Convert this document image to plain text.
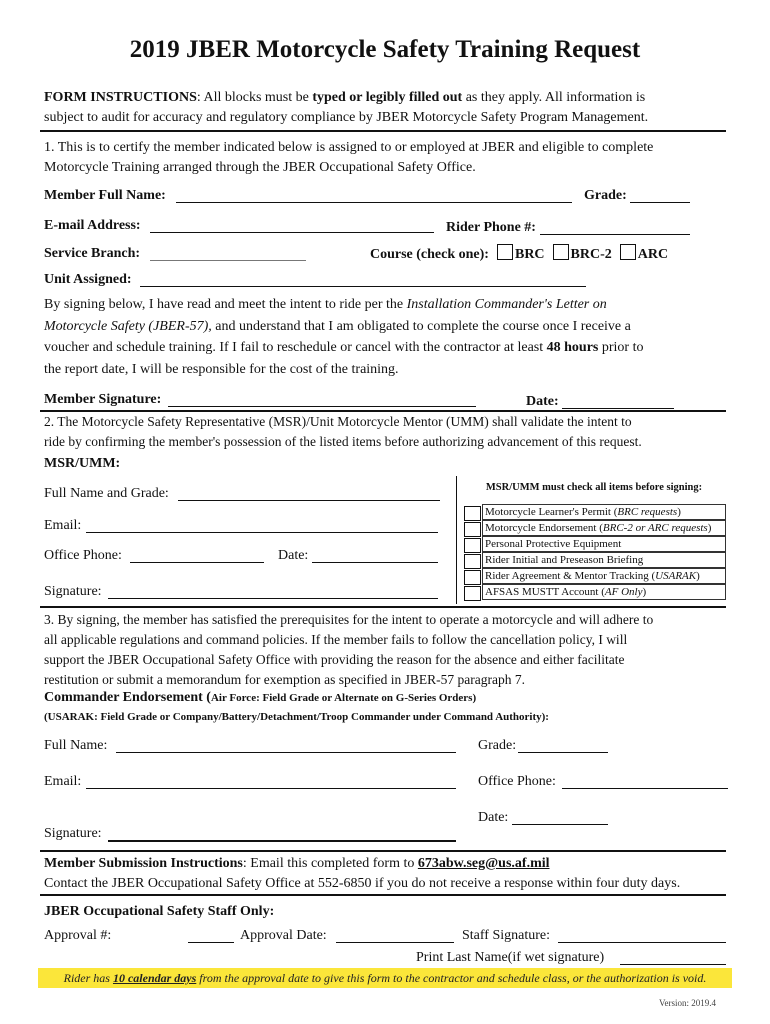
2019 JBER Motorcycle Safety Training Request
FORM INSTRUCTIONS: All blocks must be typed or legibly filled out as they apply. All information is
subject to audit for accuracy and regulatory compliance by JBER Motorcycle Safety Program Management.
1. This is to certify the member indicated below is assigned to or employed at JBER and eligible to complete
Motorcycle Training arranged through the JBER Occupational Safety Office.
Member Full Name:	Grade:
E-mail Address:	Rider Phone #:
Service Branch:	Course (check one): BRC BRC-2 ARC
Unit Assigned:
By signing below, I have read and meet the intent to ride per the Installation Commander's Letter on
Motorcycle Safety (JBER-57), and understand that I am obligated to complete the course once I receive a
voucher and schedule training. If I fail to reschedule or cancel with the contractor at least 48 hours prior to
the report date, I will be responsible for the cost of the training.
Member Signature:	Date:
2. The Motorcycle Safety Representative (MSR)/Unit Motorcycle Mentor (UMM) shall validate the intent to
ride by confirming the member's possession of the listed items before authorizing advancement of this request.
MSR/UMM:
Full Name and Grade:
Email:
Office Phone:	Date:
Signature:
MSR/UMM must check all items before signing:
Motorcycle Learner's Permit (BRC requests)
Motorcycle Endorsement (BRC-2 or ARC requests)
Personal Protective Equipment
Rider Initial and Preseason Briefing
Rider Agreement & Mentor Tracking (USARAK)
AFSAS MUSTT Account (AF Only)
3. By signing, the member has satisfied the prerequisites for the intent to operate a motorcycle and will adhere to
all applicable regulations and command policies. If the member fails to follow the cancellation policy, I will
support the JBER Occupational Safety Office with providing the reason for the absence and either facilitate
restitution or submit a memorandum for exemption as specified in JBER-57 paragraph 7.
Commander Endorsement (Air Force: Field Grade or Alternate on G-Series Orders)
(USARAK: Field Grade or Company/Battery/Detachment/Troop Commander under Command Authority):
Full Name:	Grade:
Email:	Office Phone:
Date:
Signature:
Member Submission Instructions: Email this completed form to 673abw.seg@us.af.mil
Contact the JBER Occupational Safety Office at 552-6850 if you do not receive a response within four duty days.
JBER Occupational Safety Staff Only:
Approval #:	Approval Date:	Staff Signature:
Print Last Name(if wet signature)
Rider has 10 calendar days from the approval date to give this form to the contractor and schedule class, or the authorization is void.
Version: 2019.4
